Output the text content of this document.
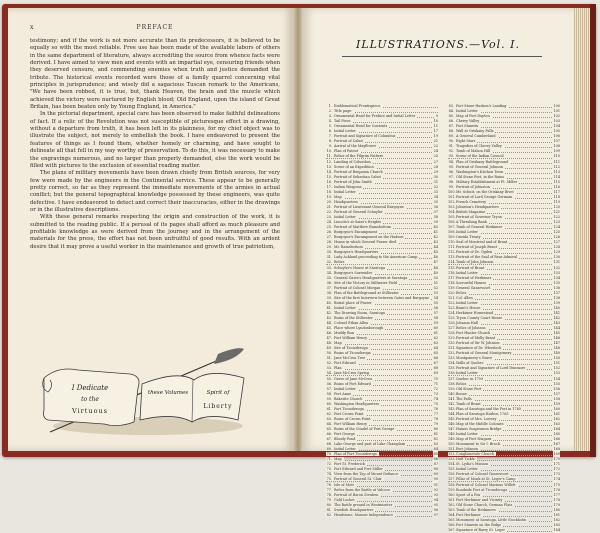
x	PREFACE

testimony; and if the work is not more accurate than its predecessors, it is believed to be equally so with the most reliable. Free use has been made of the available labors of others in the same department of literature, always accrediting the source from whence facts were derived. I have aimed to view men and events with an impartial eye, censuring friends when they deserved censure, and commending enemies when truth and justice demanded the tribute. The historical events recorded were those of a family quarrel concerning vital principles in jurisprudence; and wisely did a sagacious Tuscan remark to the Americans, "We have been robbed, it is true, but, thank Heaven, the brain and the muscle which achieved the victory were nurtured by English blood; Old England, upon the island of Great Britain, has been beaten only by Young England, in America."

In the pictorial department, special care has been observed to make faithful delineations of fact. If a relic of the Revolution was not susceptible of picturesque effect in a drawing, without a departure from truth, it has been left in its plainness, for my chief object was to illustrate the subject, not merely to embellish the book. I have endeavored to present the features of things as I found them, whether homely or charming, and have sought to delineate all that fell in my way worthy of preservation. To do this, it was necessary to make the engravings numerous, and no larger than properly demanded, else the work would be filled with pictures to the exclusion of essential reading matter.

The plans of military movements have been drawn chiefly from British sources, for very few were made by the engineers in the Continental service. These appear to be generally pretty correct, so far as they represent the immediate movements of the armies in actual conflict; but the general topographical knowledge possessed by these engineers, was quite defective. I have endeavored to detect and correct their inaccuracies, either in the drawings or in the illustrative descriptions.

With these general remarks respecting the origin and construction of the work, it is submitted to the reading public. If a perusal of its pages shall afford as much pleasure and profitable knowledge as were derived from the journey and in the arrangement of the materials for the press, the effort has not been unfruitful of good results. With an ardent desire that it may prove a useful worker in the maintenance and growth of true patriotism,

I Dedicate
to the
Virtuous
these Volumes	Spirit of
Liberty
ILLUSTRATIONS.—Vol. I.
1. Emblematical Frontispiece.
2. Title page.
3. Ornamental Head for Preface and Initial Letter	9
4. Tail Piece	10
5. Ornamental Head for Contents	11
6. Initial Letter	17
7. Portrait and Signature of Columbus	19
8. Portrait of Cabot	21
9. Arrival of the Mayflower	22
10. Plan of Patent	24
11. Relics of the Pilgrim Fathers	25
12. Landing of Columbus	27
13. Scene of an Expedition	28
14. Portrait of Benjamin Church	29
15. Portrait of Sebastian Cabot	30
16. Portrait of John Smith	31
17. Indian Weapons	32
18. Initial Letter	33
19. Map	34
20. Headquarters	35
21. Portrait of Lieutenant General Burgoyne	36
22. Portrait of General Schuyler	37
23. Initial Letter	38
24. Lincoln's at Saint's Heights	39
25. Portrait of Matthew Ramsbottom	40
26. Burgoyne's Encampment	41
27. Burgoyne's Encampment on the Hudson	42
28. House in which General Frazer died	43
29. Mr. Ramsbottom	44
30. Burgoyne's Headquarters	45
31. Lady Ackland proceeding to the American Camp	46
32. Relics	47
33. Schuyler's House at Saratoga	48
34. Burgoyne's Surrender	49
35. General Gates's Headquarters at Saratoga	50
36. Site of the Victory in Stillwater Field	51
37. Portrait of Colonel Morgan	52
38. Plan of the Battleground at Stillwater	53
39. Site of the first Interview between Gates and Burgoyne 54
40. Burial place of Frazer	55
41. Initial Letter	56
42. The Drawing Room, Saratoga	57
43. Ruins of the Stillwater	58
44. Colonel Ethan Allen	59
45. Place where Lyndonborough	60
46. Muddy Run	61
47. Fort William Henry	62
48. Map	63
49. Site of Ticonderoga	64
50. Ruins of Ticonderoga	65
51. Jane McCrea Tree	66
52. Fort Edward	67
53. Plan	68
54. Jane McCrea Spring	69
55. Grave of Jane McCrea	70
56. Ruins of Fort Edward	71
57. Initial Letter	72
58. Fort Anne	73
59. Bakerite Church	74
60. Washington Headquarters	75
61. Fort Ticonderoga	76
62. Fort Crown Point	77
63. Ruins of Crown Point	78
64. Fort William Henry	79
65. Ruins of the Citadel of Fort George	80
66. Fort George	81
67. Bloody Pond	82
68. Lake George and part of Lake Champlain	83
69. Initial Letter	84
70. Plan of Fort Ticonderoga	85
71. Map	86
72. Fort St. Frederick	87
73. Fort Edward and Fort Miller	88
74. View from the Top of Mount Defiance	89
75. Portrait of General St. Clair	90
76. Isle of Mott	91
77. Relics from the Battle at Valcour	92
78. Portrait of Baron Steuben	93
79. Gold Locket	94
80. The Battle ground in Westminster	95
81. Swedish Headquarters	96
82. Headstone, Monnie Independence	97
83. Fort Stone-Hudson's Landing	100
84. Initial Letter	101
85. Map of Fort Dayton	102
86. Cherry Valley	103
87. Fort Stanwix	104
88. Wall at Oriskany Falls	105
89. A General Cumberland	106
90. Eight Stars	107
91. Tragedies of Cherry Valley	108
92. Tomb of Mahon Hill	109
93. Scene of the Indian Council	110
94. Plan of Oriskany Battleground	111
95. Portrait of General Johnson	112
96. Washington's Kitchen Town	113
97. Old Stone Fort, in the Ruins	114
98. Military Establishment at Ft. Miller	115
99. Portrait of Johnston	116
100.Mr. Schutt, on the Oriskany River	117
101.Portrait of Lord George Germain	118
102.French Cemetery	119
103.Johnston's Headquarters	120
104.British Magazine	121
105.Portrait of Governor Tryon	122
106.A Threshing Bank	123
107.Tomb of General Herkimer	124
108.Initial Letter	125
109.Oneida Treaty	126
110.Seal of Montreal and of Brant	127
111.Portrait of Joseph Brant	128
112.Portrait of Dr. Ogden	129
113.Portrait of the Seal of Rear Admiral	130
114.Tomb of John Johnson	131
115.Portrait of Brant	132
116.Initial Letter	133
117.Portrait of Herkimer	134
118.Sorrowful Homes	135
119.General Gansevoort	136
120.Relics	137
121.Col. Allen	138
122.Initial Letter	139
123.Brant's House	140
124.Herkimer Homestead	141
125.Tryon County Court House	142
126.Johnson Hall	143
127.Relics of Johnson	144
128.Fort Hunter Church	145
129.Portrait of Molly Brant	146
130.Portrait of Sir W. Johnson	147
131.Signature of Dr. Wheelock	148
132.Portrait of General Montgomery	149
133.Montgomery's Grave	150
134.Walls of Quebec	151
135.Portrait and Signature of Lord Dunmore	152
136.Initial Letter	153
137.Quebec in 1759	154
138.Relics	155
139.Old Stone Fort	156
140.Boone	157
141.The Falls	158
142.Tomb of Brant	159
143.Plan of Saratoga and the Fort in 1765	160
144.Plan of Saratoga Harbor, 1765	161
145.Portrait of Mrs. Lowery	162
146.Map of the Middle Colonies	163
147.Haines Suspension Bridge	164
148.Initial Letter	165
149.Map of Fort Niagara	166
150.Monument to Sir I. Brock	167
151.Fort Johnson	168
152.Conglomerate Church	169
153.Half Tickle	170
154.St. Lydia's Mission	171
155.Initial Letter	172
156.Portrait of Colonel Gansevoort	173
157.Pillar of Monk at St. Leger's Camp	174
158.Portrait of Colonel Marinus Willett	175
159.Roadside Fort at Ticonderoga	176
160.Sport of a Fox	177
161.Fort Herkimer and Vicinity	178
162.Old Stone Church, German Flats	179
163.Tomb of the Herkimers	180
164.Fort Herkimer	181
165.Monument at Saratoga, Little Stockholm	182
166.Fort Stanwix on the Ridge	183
167.Signature of Barry St. Leger	184
